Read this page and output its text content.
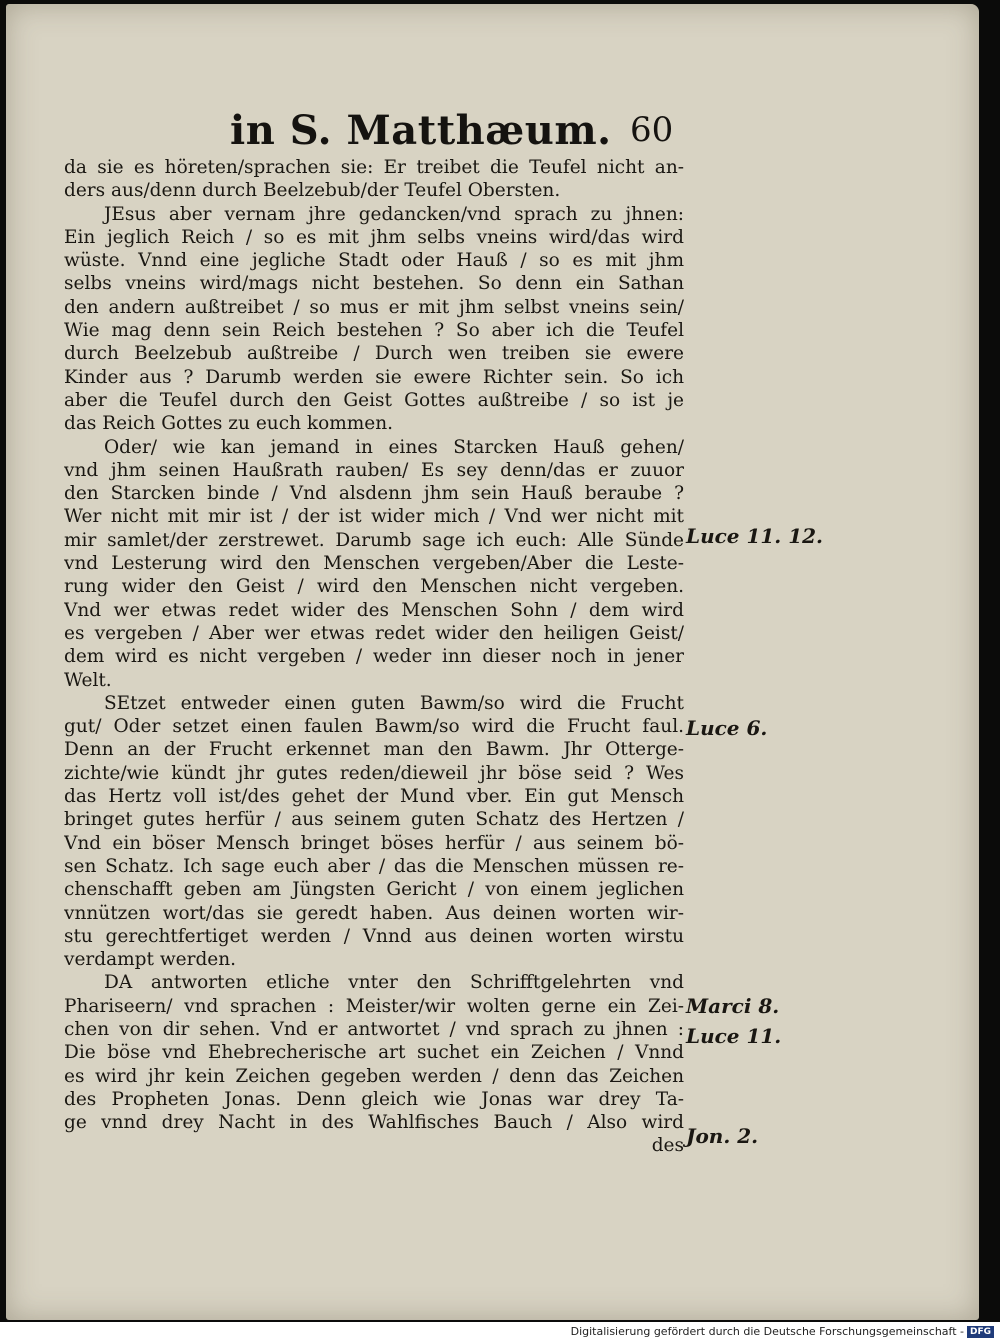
in S. Matthæum. 60
da sie es höreten/sprachen sie: Er treibet die Teufel nicht an-
ders aus/denn durch Beelzebub/der Teufel Obersten.
JEsus aber vernam jhre gedancken/vnd sprach zu jhnen:
Ein jeglich Reich / so es mit jhm selbs vneins wird/das wird
wüste. Vnnd eine jegliche Stadt oder Hauß / so es mit jhm
selbs vneins wird/mags nicht bestehen. So denn ein Sathan
den andern außtreibet / so mus er mit jhm selbst vneins sein/
Wie mag denn sein Reich bestehen ? So aber ich die Teufel
durch Beelzebub außtreibe / Durch wen treiben sie ewere
Kinder aus ? Darumb werden sie ewere Richter sein. So ich
aber die Teufel durch den Geist Gottes außtreibe / so ist je
das Reich Gottes zu euch kommen.
Oder/ wie kan jemand in eines Starcken Hauß gehen/
vnd jhm seinen Haußrath rauben/ Es sey denn/das er zuuor
den Starcken binde / Vnd alsdenn jhm sein Hauß beraube ?
Wer nicht mit mir ist / der ist wider mich / Vnd wer nicht mit
mir samlet/der zerstrewet. Darumb sage ich euch: Alle Sünde
vnd Lesterung wird den Menschen vergeben/Aber die Leste-
rung wider den Geist / wird den Menschen nicht vergeben.
Vnd wer etwas redet wider des Menschen Sohn / dem wird
es vergeben / Aber wer etwas redet wider den heiligen Geist/
dem wird es nicht vergeben / weder inn dieser noch in jener
Welt.
SEtzet entweder einen guten Bawm/so wird die Frucht
gut/ Oder setzet einen faulen Bawm/so wird die Frucht faul.
Denn an der Frucht erkennet man den Bawm. Jhr Otterge-
zichte/wie kündt jhr gutes reden/dieweil jhr böse seid ? Wes
das Hertz voll ist/des gehet der Mund vber. Ein gut Mensch
bringet gutes herfür / aus seinem guten Schatz des Hertzen /
Vnd ein böser Mensch bringet böses herfür / aus seinem bö-
sen Schatz. Ich sage euch aber / das die Menschen müssen re-
chenschafft geben am Jüngsten Gericht / von einem jeglichen
vnnützen wort/das sie geredt haben. Aus deinen worten wir-
stu gerechtfertiget werden / Vnnd aus deinen worten wirstu
verdampt werden.
DA antworten etliche vnter den Schrifftgelehrten vnd
Phariseern/ vnd sprachen : Meister/wir wolten gerne ein Zei-
chen von dir sehen. Vnd er antwortet / vnd sprach zu jhnen :
Die böse vnd Ehebrecherische art suchet ein Zeichen / Vnnd
es wird jhr kein Zeichen gegeben werden / denn das Zeichen
des Propheten Jonas. Denn gleich wie Jonas war drey Ta-
ge vnnd drey Nacht in des Wahlfisches Bauch / Also wird
des
Luce 11. 12.
Luce 6.
Marci 8.
Luce 11.
Jon. 2.
Digitalisierung gefördert durch die Deutsche Forschungsgemeinschaft - DFG
